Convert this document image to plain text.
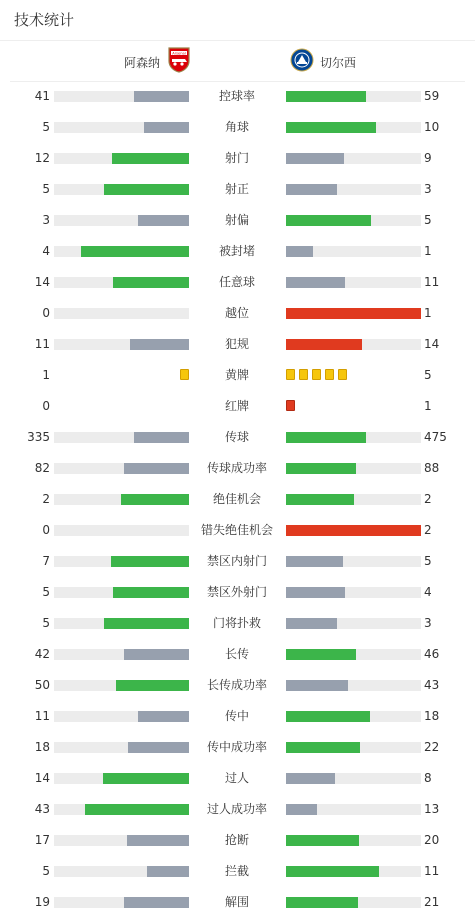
技术统计
阿森纳
Arsenal
切尔西
41	控球率	59
5	角球	10
12	射门	9
5	射正	3
3	射偏	5
4	被封堵	1
14	任意球	11
0	越位	1
11	犯规	14
1	黄牌	5
0	红牌	1
335	传球	475
82	传球成功率	88
2	绝佳机会	2
0	错失绝佳机会	2
7	禁区内射门	5
5	禁区外射门	4
5	门将扑救	3
42	长传	46
50	长传成功率	43
11	传中	18
18	传中成功率	22
14	过人	8
43	过人成功率	13
17	抢断	20
5	拦截	11
19	解围	21
